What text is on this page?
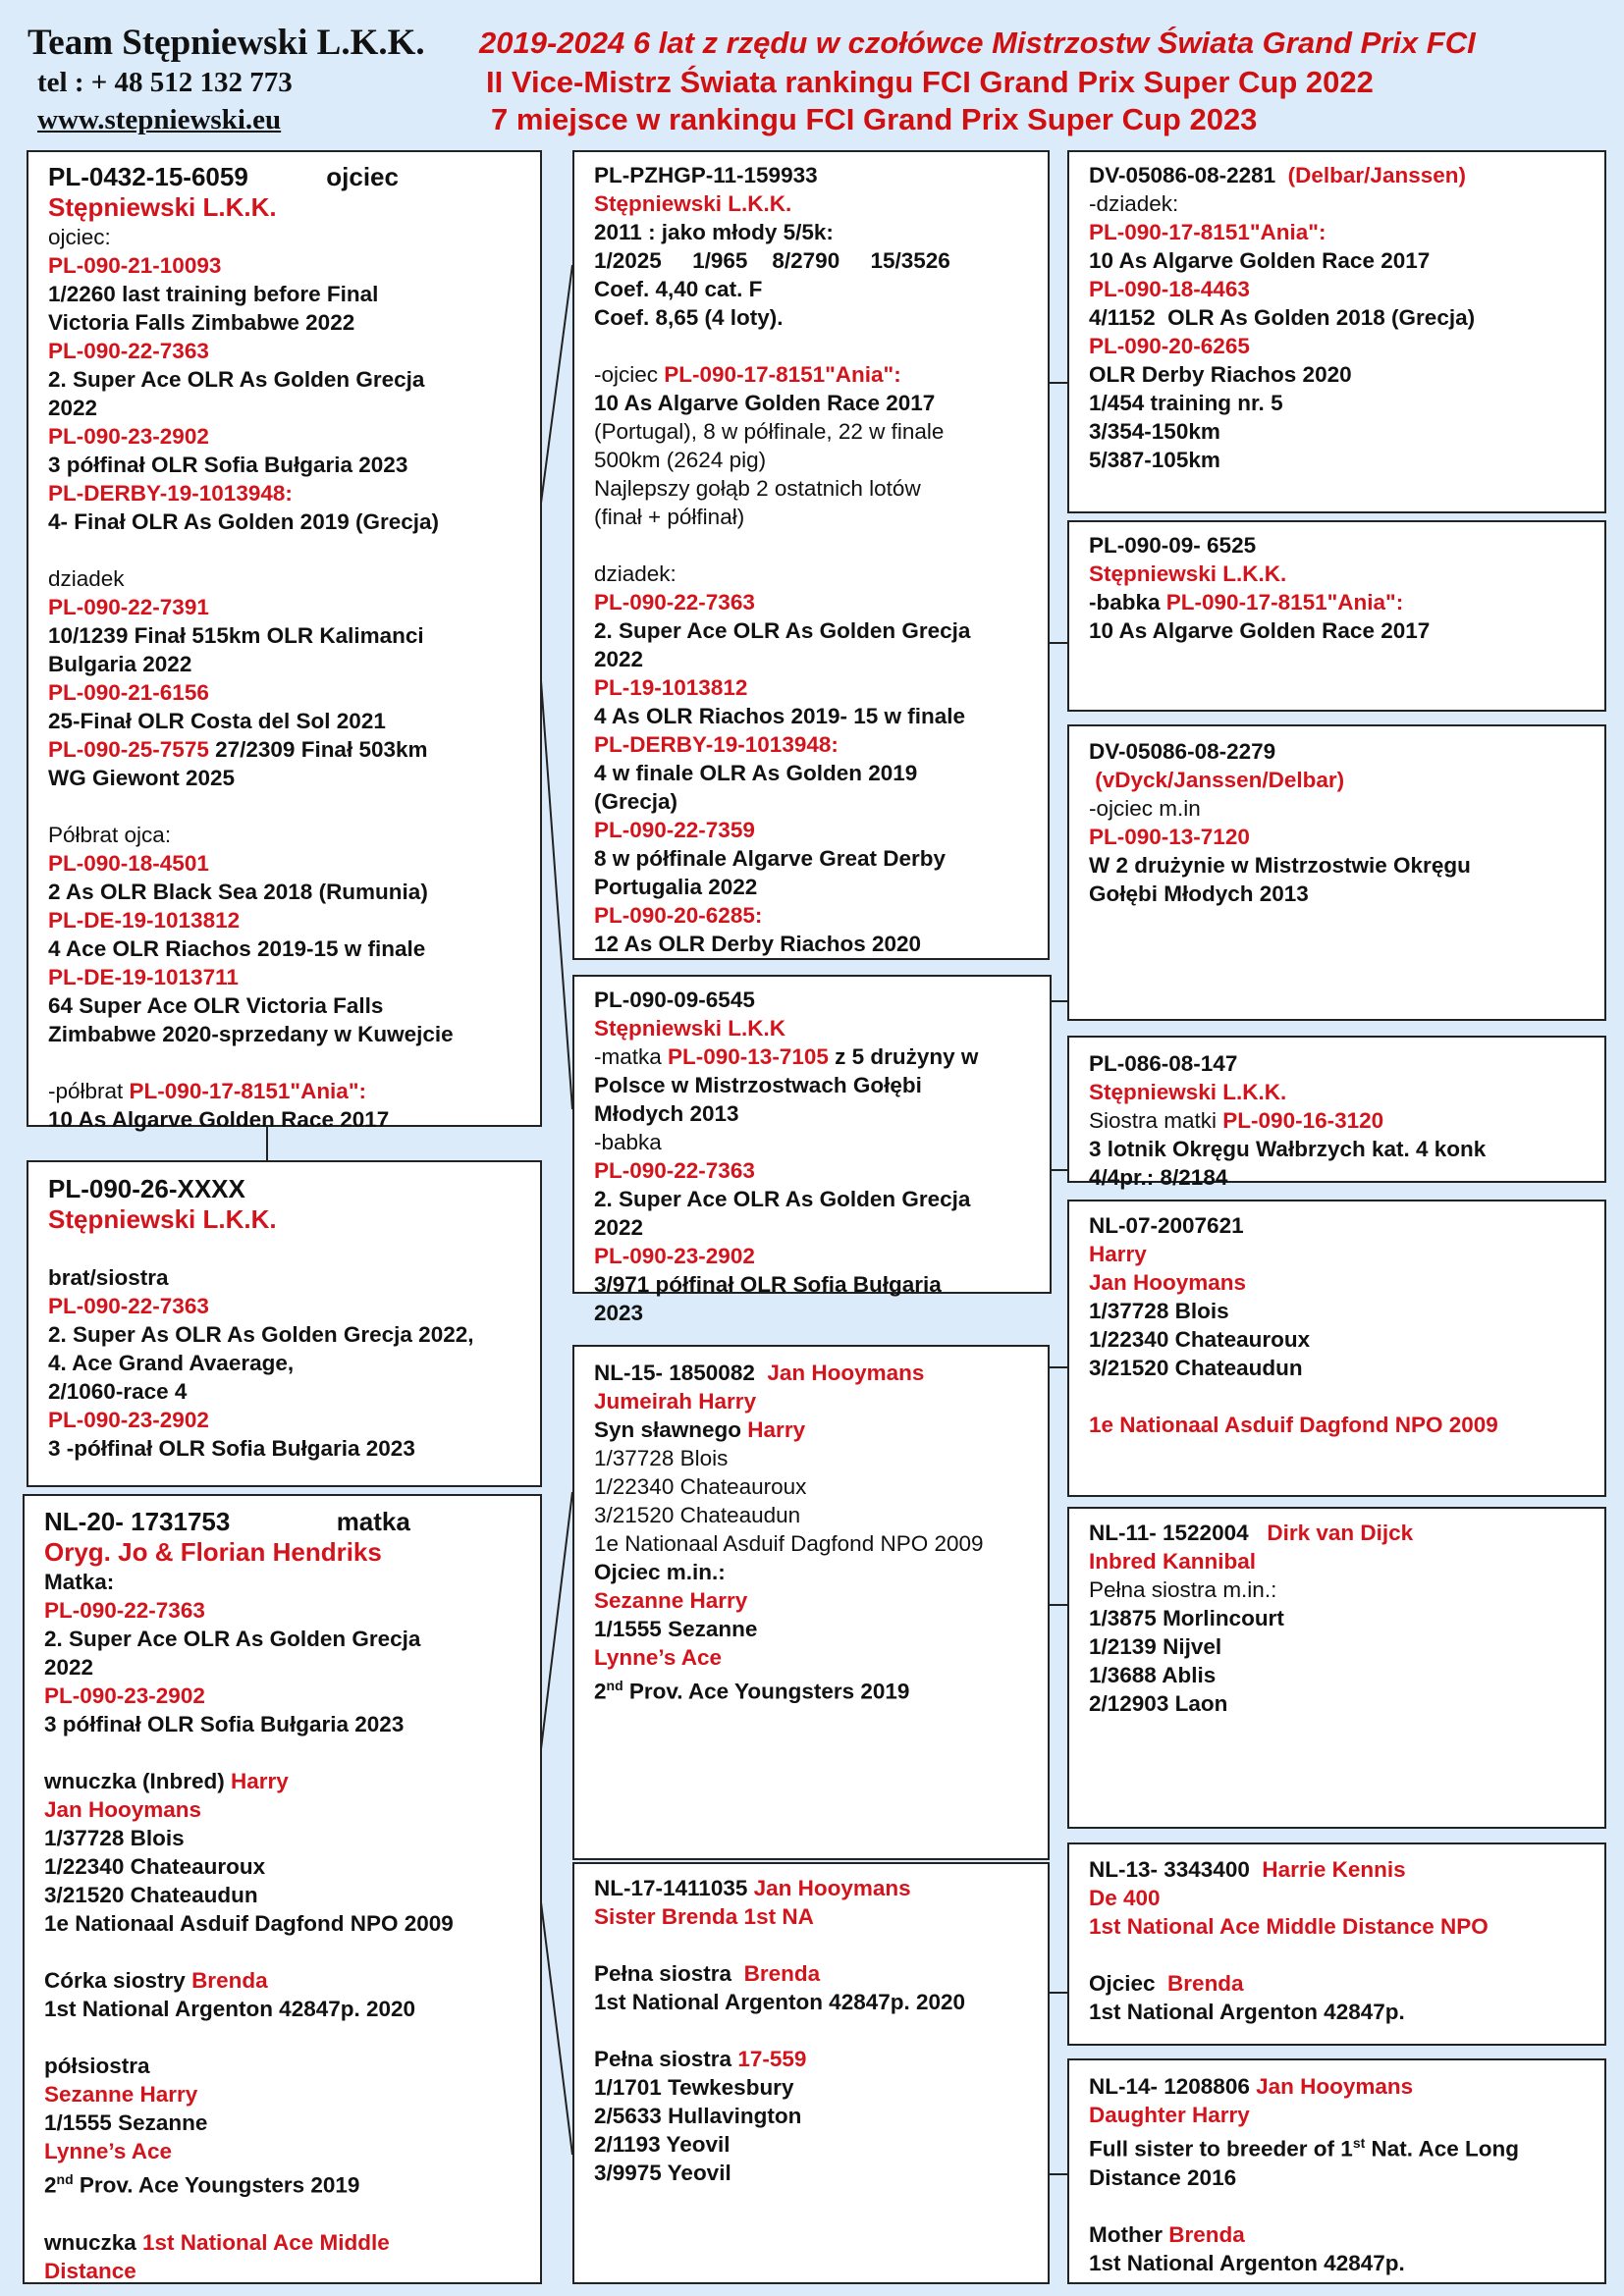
Team Stępniewski L.K.K.
tel : + 48 512 132 773
www.stepniewski.eu
2019-2024 6 lat z rzędu w czołówce Mistrzostw Świata Grand Prix FCI
II Vice-Mistrz Świata rankingu FCI Grand Prix Super Cup 2022
7 miejsce w rankingu FCI Grand Prix Super Cup 2023
PL-0432-15-6059           ojciec
Stępniewski L.K.K.
ojciec:
PL-090-21-10093
1/2260 last training before Final
Victoria Falls Zimbabwe 2022
PL-090-22-7363
2. Super Ace OLR As Golden Grecja
2022
PL-090-23-2902
3 półfinał OLR Sofia Bułgaria 2023
PL-DERBY-19-1013948:
4- Finał OLR As Golden 2019 (Grecja)

dziadek
PL-090-22-7391
10/1239 Finał 515km OLR Kalimanci
Bulgaria 2022
PL-090-21-6156
25-Finał OLR Costa del Sol 2021
PL-090-25-7575 27/2309 Finał 503km
WG Giewont 2025

Półbrat ojca:
PL-090-18-4501
2 As OLR Black Sea 2018 (Rumunia)
PL-DE-19-1013812
4 Ace OLR Riachos 2019-15 w finale
PL-DE-19-1013711
64 Super Ace OLR Victoria Falls
Zimbabwe 2020-sprzedany w Kuwejcie

-półbrat PL-090-17-8151"Ania":
10 As Algarve Golden Race 2017
PL-090-26-XXXX
Stępniewski L.K.K.

brat/siostra
PL-090-22-7363
2. Super As OLR As Golden Grecja 2022,
4. Ace Grand Avaerage,
2/1060-race 4
PL-090-23-2902
3 -półfinał OLR Sofia Bułgaria 2023
NL-20- 1731753               matka
Oryg. Jo & Florian Hendriks
Matka:
PL-090-22-7363
2. Super Ace OLR As Golden Grecja
2022
PL-090-23-2902
3 półfinał OLR Sofia Bułgaria 2023

wnuczka (Inbred) Harry
Jan Hooymans
1/37728 Blois
1/22340 Chateauroux
3/21520 Chateaudun
1e Nationaal Asduif Dagfond NPO 2009

Córka siostry Brenda
1st National Argenton 42847p. 2020

półsiostra
Sezanne Harry
1/1555 Sezanne
Lynne’s Ace
2nd Prov. Ace Youngsters 2019

wnuczka 1st National Ace Middle
Distance
PL-PZHGP-11-159933
Stępniewski L.K.K.
2011 : jako młody 5/5k:
1/2025     1/965    8/2790     15/3526
Coef. 4,40 cat. F
Coef. 8,65 (4 loty).

-ojciec PL-090-17-8151"Ania":
10 As Algarve Golden Race 2017
(Portugal), 8 w półfinale, 22 w finale
500km (2624 pig)
Najlepszy gołąb 2 ostatnich lotów
(finał + półfinał)

dziadek:
PL-090-22-7363
2. Super Ace OLR As Golden Grecja
2022
PL-19-1013812
4 As OLR Riachos 2019- 15 w finale
PL-DERBY-19-1013948:
4 w finale OLR As Golden 2019
(Grecja)
PL-090-22-7359
8 w półfinale Algarve Great Derby
Portugalia 2022
PL-090-20-6285:
12 As OLR Derby Riachos 2020
PL-090-09-6545
Stępniewski L.K.K
-matka PL-090-13-7105 z 5 drużyny w
Polsce w Mistrzostwach Gołębi
Młodych 2013
-babka
PL-090-22-7363
2. Super Ace OLR As Golden Grecja
2022
PL-090-23-2902
3/971 półfinał OLR Sofia Bułgaria
2023
NL-15- 1850082  Jan Hooymans
Jumeirah Harry
Syn sławnego Harry
1/37728 Blois
1/22340 Chateauroux
3/21520 Chateaudun
1e Nationaal Asduif Dagfond NPO 2009
Ojciec m.in.:
Sezanne Harry
1/1555 Sezanne
Lynne’s Ace
2nd Prov. Ace Youngsters 2019
NL-17-1411035 Jan Hooymans
Sister Brenda 1st NA

Pełna siostra  Brenda
1st National Argenton 42847p. 2020

Pełna siostra 17-559
1/1701 Tewkesbury
2/5633 Hullavington
2/1193 Yeovil
3/9975 Yeovil
DV-05086-08-2281  (Delbar/Janssen)
-dziadek:
PL-090-17-8151"Ania":
10 As Algarve Golden Race 2017
PL-090-18-4463
4/1152  OLR As Golden 2018 (Grecja)
PL-090-20-6265
OLR Derby Riachos 2020
1/454 training nr. 5
3/354-150km
5/387-105km
PL-090-09- 6525
Stępniewski L.K.K.
-babka PL-090-17-8151"Ania":
10 As Algarve Golden Race 2017
DV-05086-08-2279
(vDyck/Janssen/Delbar)
-ojciec m.in
PL-090-13-7120
W 2 drużynie w Mistrzostwie Okręgu
Gołębi Młodych 2013
PL-086-08-147
Stępniewski L.K.K.
Siostra matki PL-090-16-3120
3 lotnik Okręgu Wałbrzych kat. 4 konk
4/4pr.: 8/2184
NL-07-2007621
Harry
Jan Hooymans
1/37728 Blois
1/22340 Chateauroux
3/21520 Chateaudun

1e Nationaal Asduif Dagfond NPO 2009
NL-11- 1522004   Dirk van Dijck
Inbred Kannibal
Pełna siostra m.in.:
1/3875 Morlincourt
1/2139 Nijvel
1/3688 Ablis
2/12903 Laon
NL-13- 3343400  Harrie Kennis
De 400
1st National Ace Middle Distance NPO

Ojciec  Brenda
1st National Argenton 42847p.
NL-14- 1208806 Jan Hooymans
Daughter Harry
Full sister to breeder of 1st Nat. Ace Long
Distance 2016

Mother Brenda
1st National Argenton 42847p.
